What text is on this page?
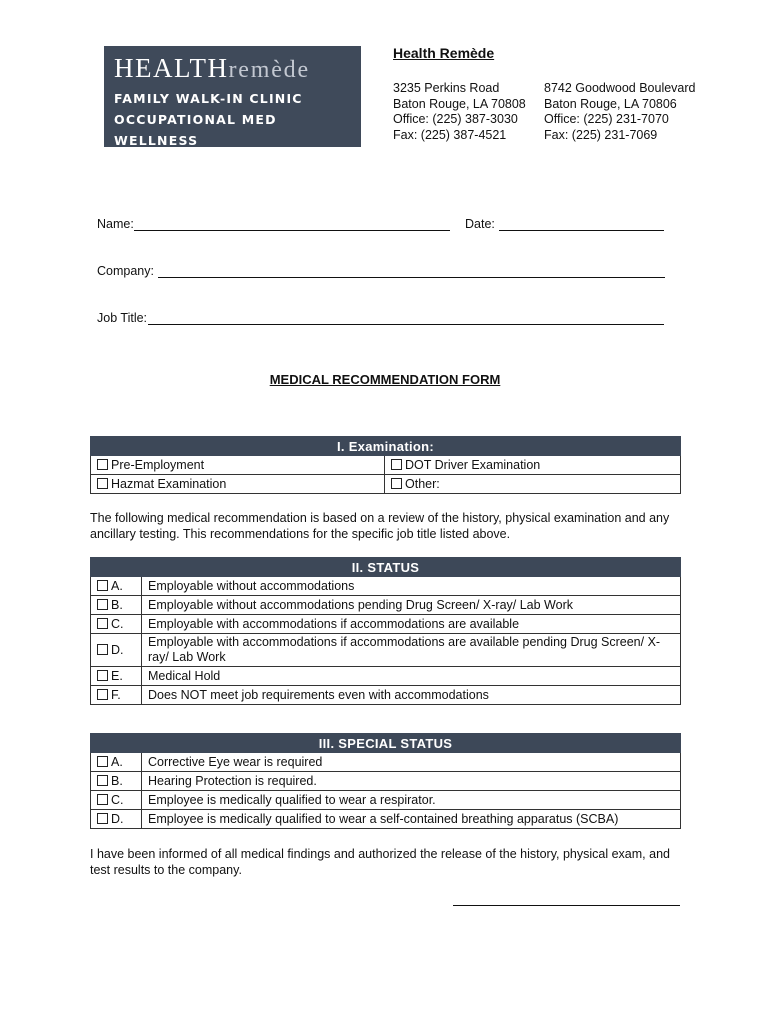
HEALTHremède
FAMILY WALK-IN CLINIC
OCCUPATIONAL MED
WELLNESS
Health Remède
3235 Perkins Road
Baton Rouge, LA 70808
Office: (225) 387-3030
Fax: (225) 387-4521
8742 Goodwood Boulevard
Baton Rouge, LA 70806
Office: (225) 231-7070
Fax: (225) 231-7069
Name:	Date:
Company:
Job Title:
MEDICAL RECOMMENDATION FORM
I. Examination:	
Pre-Employment	DOT Driver Examination
Hazmat Examination	Other:
The following medical recommendation is based on a review of the history, physical examination and any ancillary testing. This recommendations for the specific job title listed above.
II. STATUS	
A.	Employable without accommodations
B.	Employable without accommodations pending Drug Screen/ X-ray/ Lab Work
C.	Employable with accommodations if accommodations are available
D.	Employable with accommodations if accommodations are available pending Drug Screen/ X-ray/ Lab Work
E.	Medical Hold
F.	Does NOT meet job requirements even with accommodations
III. SPECIAL STATUS	
A.	Corrective Eye wear is required
B.	Hearing Protection is required.
C.	Employee is medically qualified to wear a respirator.
D.	Employee is medically qualified to wear a self-contained breathing apparatus (SCBA)
I have been informed of all medical findings and authorized the release of the history, physical exam, and test results to the company.
